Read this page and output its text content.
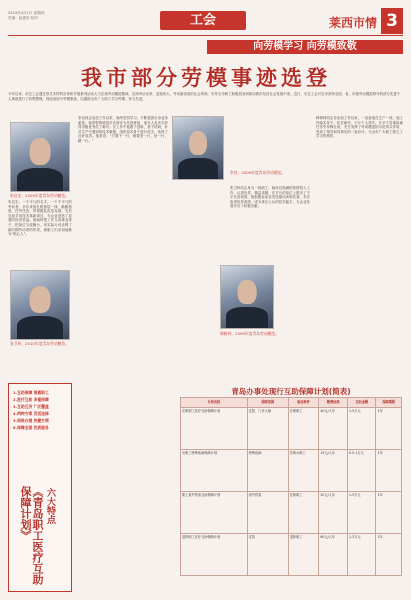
2014年4月1日 星期四
责编：赵惠浩 校对：	工会	莱西市情 3
向劳模学习 向劳模致敬
我市部分劳模事迹选登
今年以来，市总工会通过形式多样的宣传和开展系列活动大力弘扬劳动模范精神，弘扬劳动光荣、创造伟大、劳动最崇高的社会风尚，引导全市职工积极投身到推动我市经济社会发展中来。近日，市总工会对全市获得全国、省、市级劳动模范称号的部分先进个人事迹进行了收集整理，现选登部分劳模事迹，以激励全市广大职工学习劳模、争当先进。
朱启宏，2009年度青岛劳动模范。
李良，2009年度青岛劳动模范。
张卫岭，2010年度青岛劳动模范。
韩树林，2009年度青岛劳动模范。
朱启宏，一个平凡的名字，一个不平凡的劳动者。多年来他扎根基层一线，勤勤恳恳，任劳任怨，带领团队攻坚克难，先后完成多项技术革新项目，为企业创造了显著的经济效益。他始终把工作当成事业来干，把岗位当成舞台，用实际行动诠释了新时期劳动者的风采，被职工们亲切地称为“贴心人”。
李良同志参加工作以来，始终坚持学习，不断提高自身业务素质。他带领的班组多次被评为先进班组，他本人也多次获得市级优秀员工称号。在工作中他敢于创新，善于钻研，针对生产中遇到的技术难题，组织技术骨干进行攻关，取得了良好成效。他常说：“只要干一行，就要爱一行，钻一行，精一行。”
张卫岭同志身为一线职工，始终以饱满的热情投入工作，认真负责，精益求精，在平凡的岗位上做出了不平凡的成绩。他积极参加各类技能培训和比赛，多次取得优异成绩，成为单位公认的技术能手，为企业发展作出了积极贡献。
韩树林同志自参加工作以来，一直奋战在生产一线，他工作踏实肯干，吃苦耐劳，不计个人得失，在多个急难险重任务中冲锋在前，充分发挥了劳动模范的示范带头作用，受到了领导和同事们的一致好评，为全市广大职工树立了学习的榜样。
1.互助保障 普惠职工
2.医疗互助 多重保障
3.互助互济 广泛覆盖
4.两种方案 灵活选择
5.网络办理 快捷方便
6.保障全面 优质服务
《青岛职工医疗互助保障计划》	六大特点
青岛办事处现行互助保障计划(简表)
计划名称	保障范围	参加条件	缴费标准	互助金额	保障期限
在职职工医疗互助保障计划	住院、门诊大病	在职职工	40元/人年	1-5万元	1年
女职工特殊疾病保障计划	特殊疾病	在职女职工	15元/人年	0.5-1万元	1年
职工意外伤害互助保障计划	意外伤害	在职职工	20元/人年	1-3万元	1年
退休职工医疗互助保障计划	住院	退休职工	60元/人年	1-3万元	1年
